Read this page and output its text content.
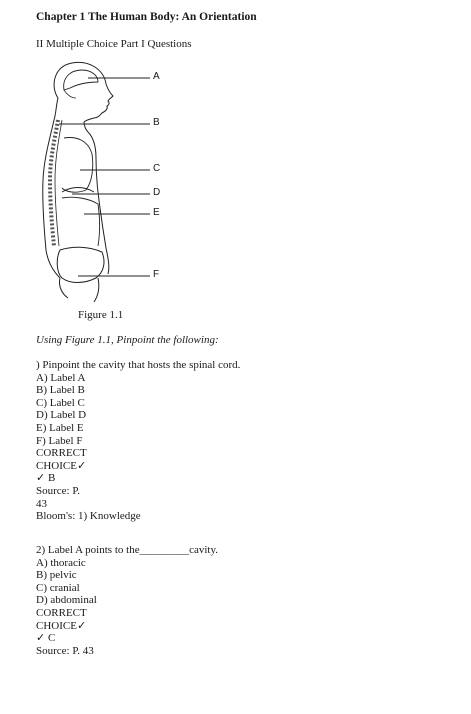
Chapter 1 The Human Body: An Orientation
II Multiple Choice Part I Questions
A
B
C
D
E
F
Figure 1.1
Using Figure 1.1, Pinpoint the following:
) Pinpoint the cavity that hosts the spinal cord.
A) Label A
B) Label B
C) Label C
D) Label D
E) Label E
F) Label F
CORRECT
CHOICE✓
✓ B
Source: P.
43
Bloom's: 1) Knowledge
2) Label A points to the_________cavity.
A) thoracic
B) pelvic
C) cranial
D) abdominal
CORRECT
CHOICE✓
✓ C
Source: P. 43
